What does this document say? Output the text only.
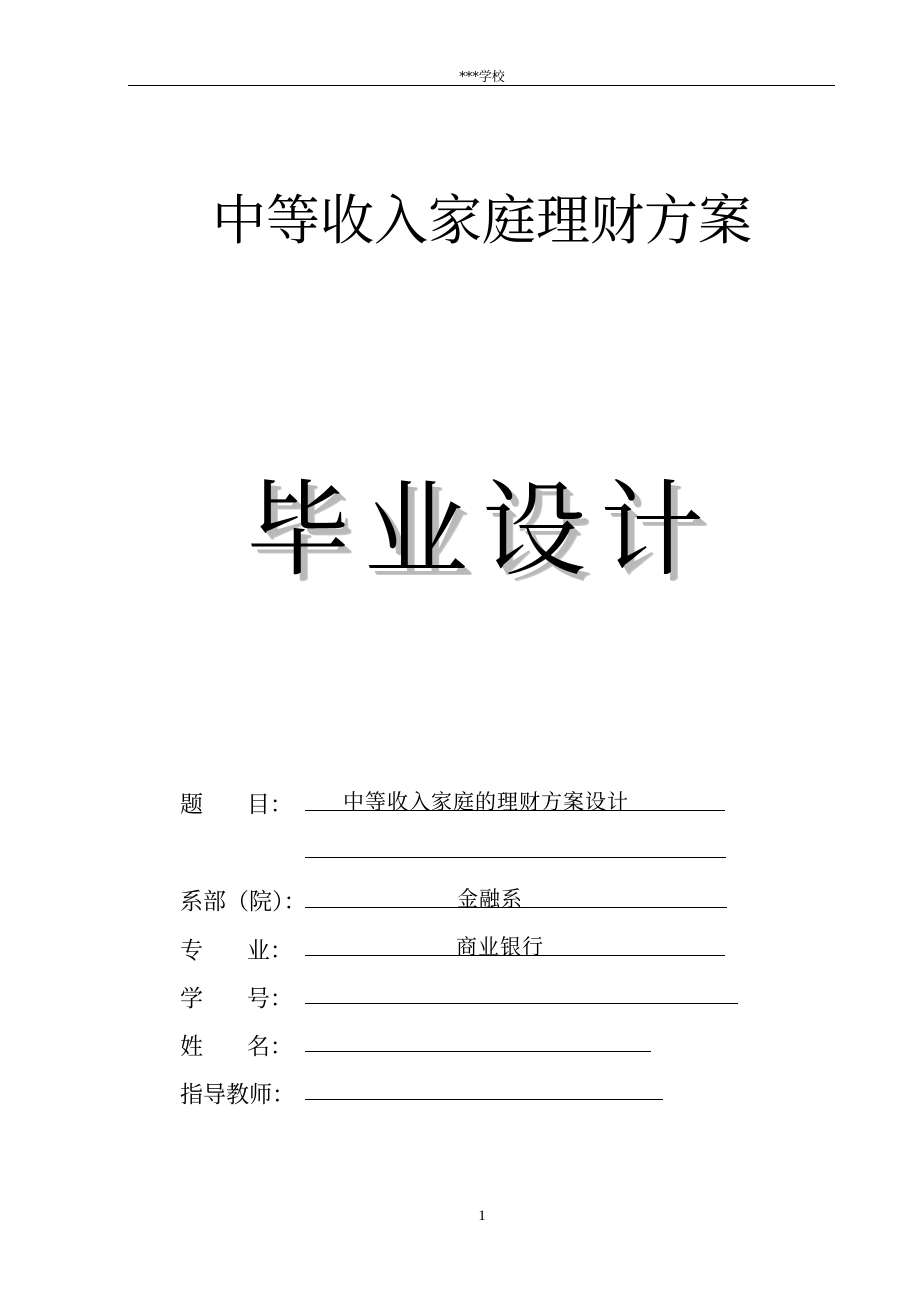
***学校
中等收入家庭理财方案
毕业设计
题      目： 中等收入家庭的理财方案设计
系部（院）：	金融系
专      业：	商业银行
学      号：
姓      名：
指导教师：
1
